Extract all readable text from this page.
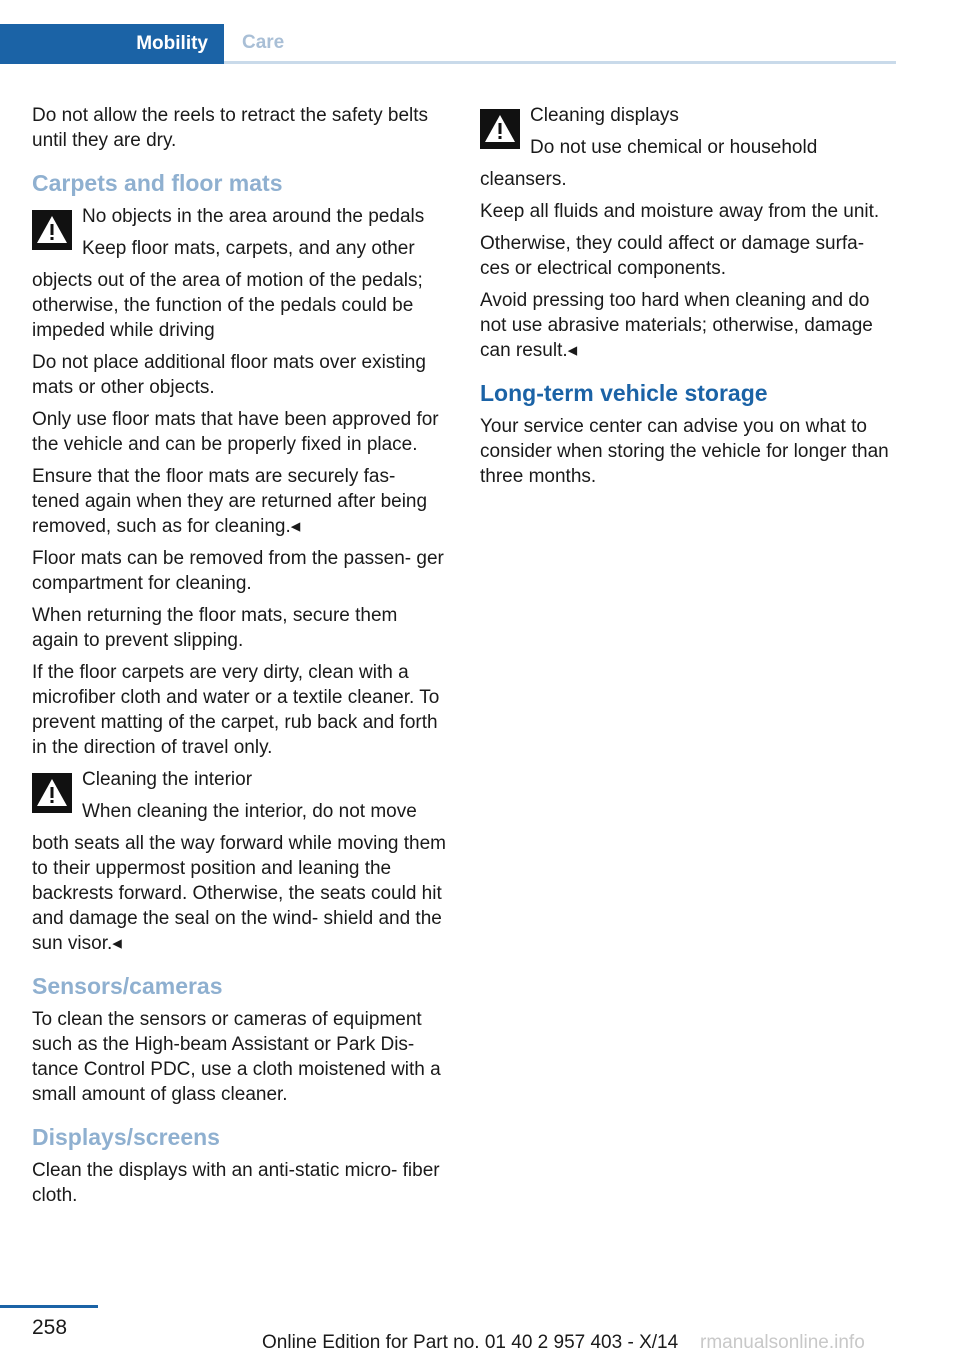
Mobility	Care

Do not allow the reels to retract the safety belts until they are dry.

Carpets and floor mats
No objects in the area around the pedals
Keep floor mats, carpets, and any other

objects out of the area of motion of the pedals; otherwise, the function of the pedals could be impeded while driving

Do not place additional floor mats over existing mats or other objects.

Only use floor mats that have been approved for the vehicle and can be properly fixed in place.

Ensure that the floor mats are securely fas- tened again when they are returned after being removed, such as for cleaning.◂

Floor mats can be removed from the passen- ger compartment for cleaning.

When returning the floor mats, secure them again to prevent slipping.

If the floor carpets are very dirty, clean with a microfiber cloth and water or a textile cleaner. To prevent matting of the carpet, rub back and forth in the direction of travel only.

Cleaning the interior
When cleaning the interior, do not move

both seats all the way forward while moving them to their uppermost position and leaning the backrests forward. Otherwise, the seats could hit and damage the seal on the wind- shield and the sun visor.◂

Sensors/cameras

To clean the sensors or cameras of equipment such as the High-beam Assistant or Park Dis- tance Control PDC, use a cloth moistened with a small amount of glass cleaner.

Displays/screens

Clean the displays with an anti-static micro- fiber cloth.

Cleaning displays
Do not use chemical or household

cleansers.

Keep all fluids and moisture away from the unit.

Otherwise, they could affect or damage surfa- ces or electrical components.

Avoid pressing too hard when cleaning and do not use abrasive materials; otherwise, damage can result.◂

Long-term vehicle storage

Your service center can advise you on what to consider when storing the vehicle for longer than three months.

258
Online Edition for Part no. 01 40 2 957 403 - X/14 rmanualsonline.info
